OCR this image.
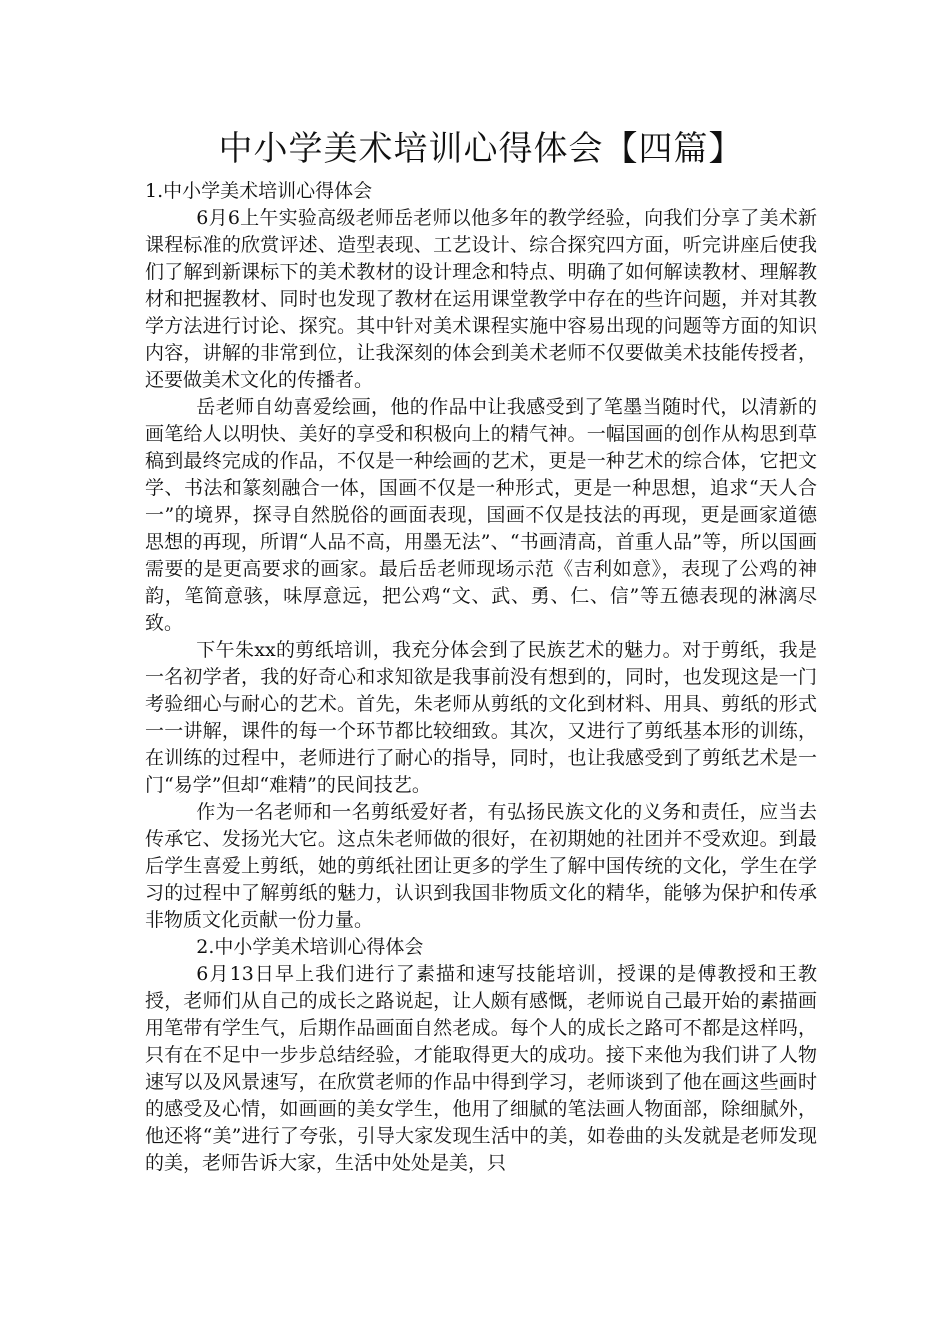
中小学美术培训心得体会【四篇】

1.中小学美术培训心得体会

6月6上午实验高级老师岳老师以他多年的教学经验，向我们分享了美术新课程标准的欣赏评述、造型表现、工艺设计、综合探究四方面，听完讲座后使我们了解到新课标下的美术教材的设计理念和特点、明确了如何解读教材、理解教材和把握教材、同时也发现了教材在运用课堂教学中存在的些许问题，并对其教学方法进行讨论、探究。其中针对美术课程实施中容易出现的问题等方面的知识内容，讲解的非常到位，让我深刻的体会到美术老师不仅要做美术技能传授者，还要做美术文化的传播者。

岳老师自幼喜爱绘画，他的作品中让我感受到了笔墨当随时代，以清新的画笔给人以明快、美好的享受和积极向上的精气神。一幅国画的创作从构思到草稿到最终完成的作品，不仅是一种绘画的艺术，更是一种艺术的综合体，它把文学、书法和篆刻融合一体，国画不仅是一种形式，更是一种思想，追求“天人合一”的境界，探寻自然脱俗的画面表现，国画不仅是技法的再现，更是画家道德思想的再现，所谓“人品不高，用墨无法”、“书画清高，首重人品”等，所以国画需要的是更高要求的画家。最后岳老师现场示范《吉利如意》，表现了公鸡的神韵，笔简意骇，味厚意远，把公鸡“文、武、勇、仁、信”等五德表现的淋漓尽致。

下午朱xx的剪纸培训，我充分体会到了民族艺术的魅力。对于剪纸，我是一名初学者，我的好奇心和求知欲是我事前没有想到的，同时，也发现这是一门考验细心与耐心的艺术。首先，朱老师从剪纸的文化到材料、用具、剪纸的形式一一讲解，课件的每一个环节都比较细致。其次，又进行了剪纸基本形的训练，在训练的过程中，老师进行了耐心的指导，同时，也让我感受到了剪纸艺术是一门“易学”但却“难精”的民间技艺。

作为一名老师和一名剪纸爱好者，有弘扬民族文化的义务和责任，应当去传承它、发扬光大它。这点朱老师做的很好，在初期她的社团并不受欢迎。到最后学生喜爱上剪纸，她的剪纸社团让更多的学生了解中国传统的文化，学生在学习的过程中了解剪纸的魅力，认识到我国非物质文化的精华，能够为保护和传承非物质文化贡献一份力量。

2.中小学美术培训心得体会

6月13日早上我们进行了素描和速写技能培训，授课的是傅教授和王教授，老师们从自己的成长之路说起，让人颇有感慨，老师说自己最开始的素描画用笔带有学生气，后期作品画面自然老成。每个人的成长之路可不都是这样吗，只有在不足中一步步总结经验，才能取得更大的成功。接下来他为我们讲了人物速写以及风景速写，在欣赏老师的作品中得到学习，老师谈到了他在画这些画时的感受及心情，如画画的美女学生，他用了细腻的笔法画人物面部，除细腻外，他还将“美”进行了夸张，引导大家发现生活中的美，如卷曲的头发就是老师发现的美，老师告诉大家，生活中处处是美，只
